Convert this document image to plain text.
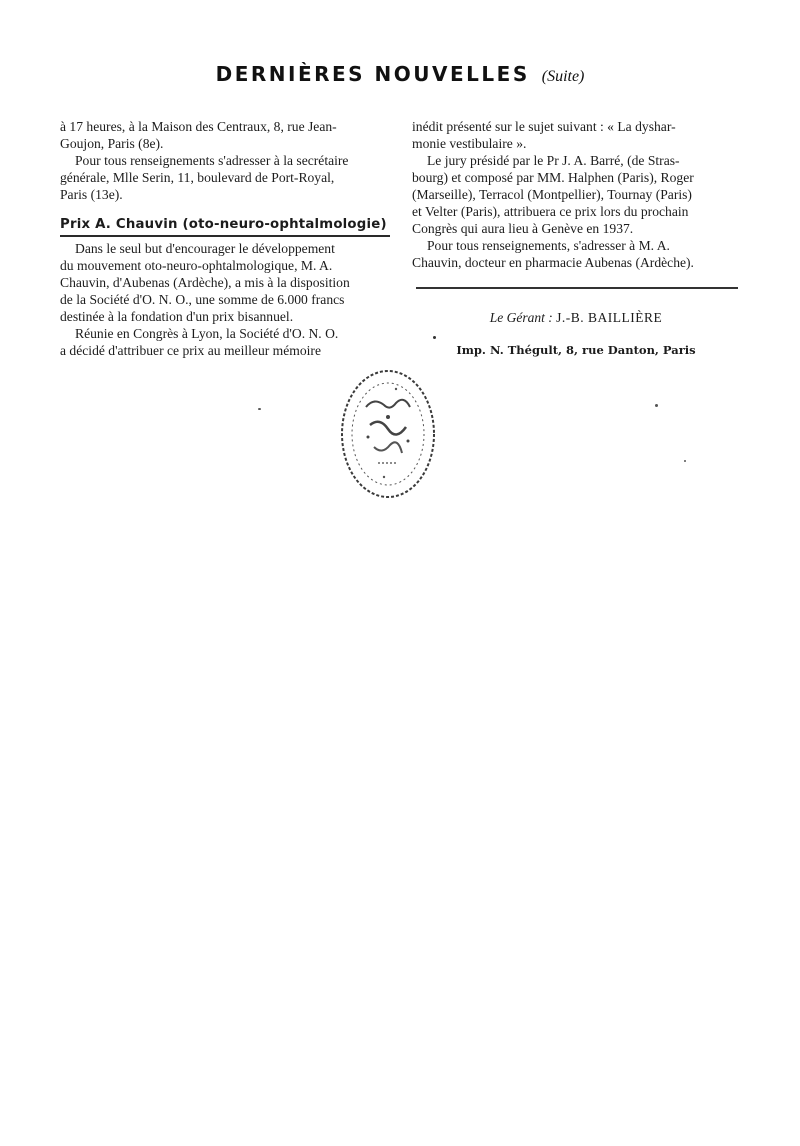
DERNIÈRES NOUVELLES (Suite)

à 17 heures, à la Maison des Centraux, 8, rue Jean-
Goujon, Paris (8e).

Pour tous renseignements s'adresser à la secrétaire
générale, Mlle Serin, 11, boulevard de Port-Royal,
Paris (13e).

Prix A. Chauvin (oto-neuro-ophtalmologie)

Dans le seul but d'encourager le développement
du mouvement oto-neuro-ophtalmologique, M. A.
Chauvin, d'Aubenas (Ardèche), a mis à la disposition
de la Société d'O. N. O., une somme de 6.000 francs
destinée à la fondation d'un prix bisannuel.

Réunie en Congrès à Lyon, la Société d'O. N. O.
a décidé d'attribuer ce prix au meilleur mémoire

inédit présenté sur le sujet suivant : « La dyshar-
monie vestibulaire ».

Le jury présidé par le Pr J. A. Barré, (de Stras-
bourg) et composé par MM. Halphen (Paris), Roger
(Marseille), Terracol (Montpellier), Tournay (Paris)
et Velter (Paris), attribuera ce prix lors du prochain
Congrès qui aura lieu à Genève en 1937.

Pour tous renseignements, s'adresser à M. A.
Chauvin, docteur en pharmacie Aubenas (Ardèche).

Le Gérant : J.-B. BAILLIÈRE
Imp. N. Thégult, 8, rue Danton, Paris
